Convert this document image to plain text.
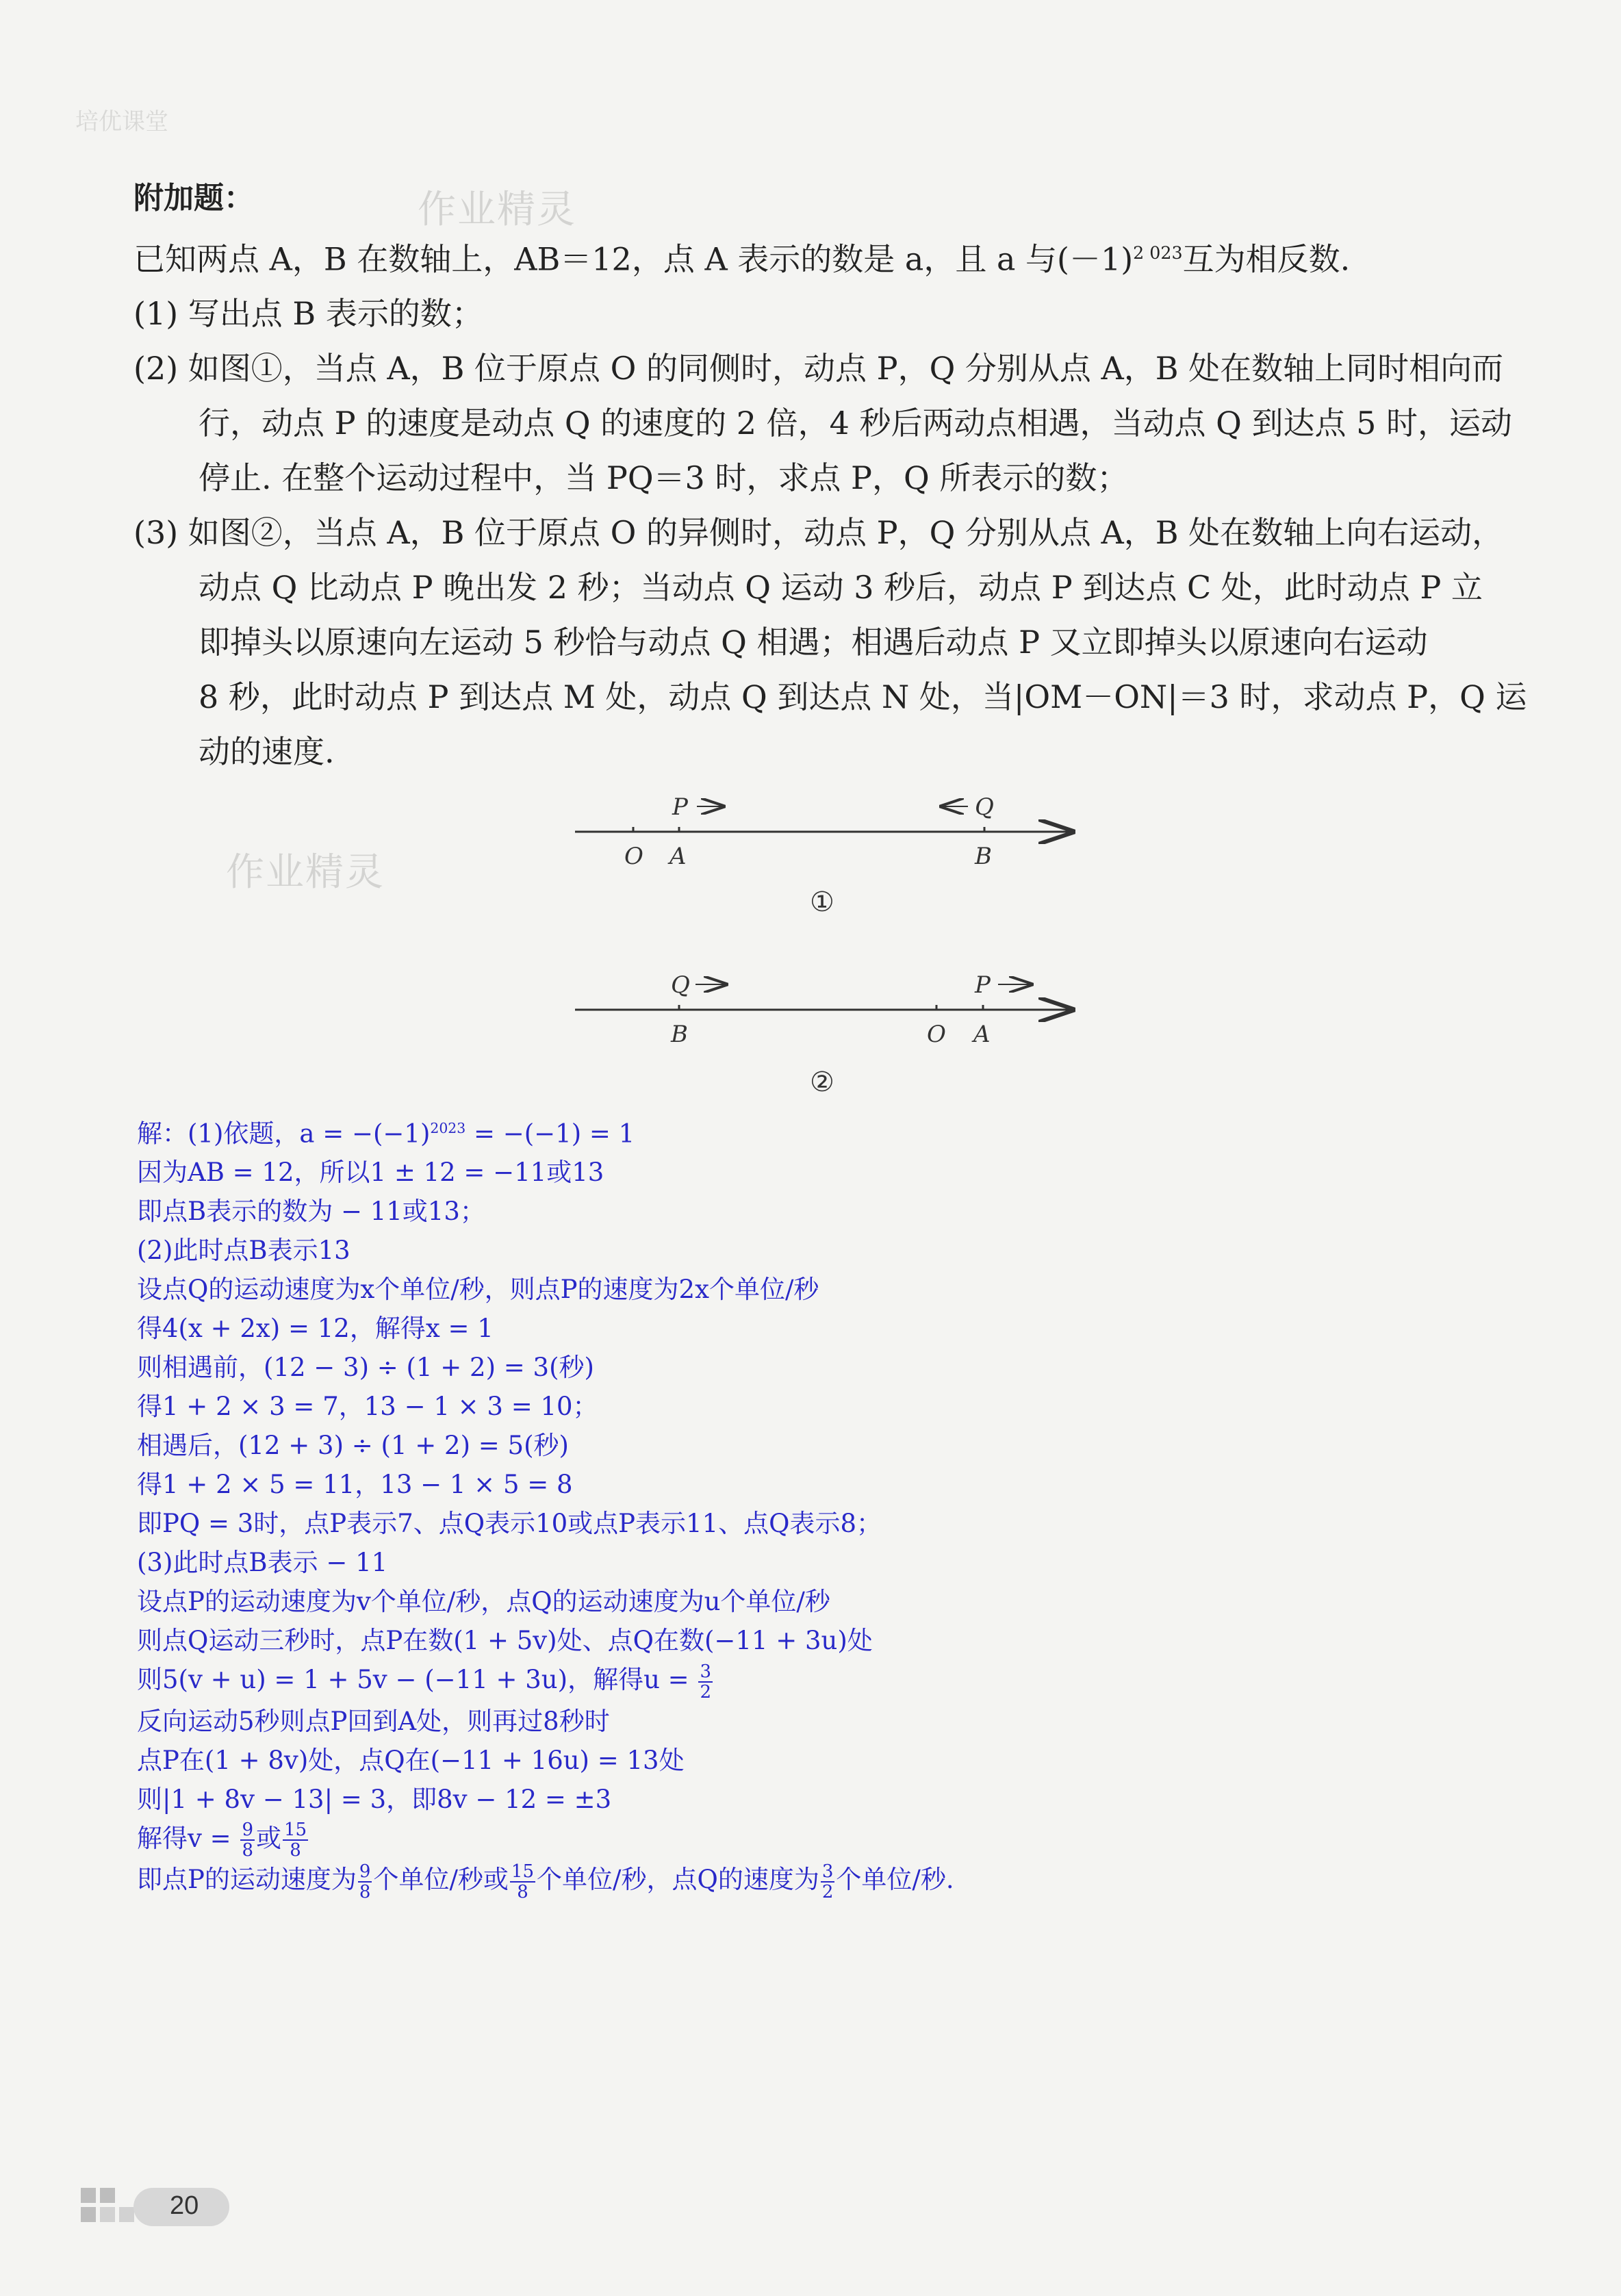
培优课堂
作业精灵
作业精灵
附加题：
已知两点 A，B 在数轴上，AB＝12，点 A 表示的数是 a，且 a 与$(-1)^{2 023}$互为相反数.
(1) 写出点 B 表示的数；
(2) 如图①，当点 A，B 位于原点 O 的同侧时，动点 P，Q 分别从点 A，B 处在数轴上同时相向而
行，动点 P 的速度是动点 Q 的速度的 2 倍，4 秒后两动点相遇，当动点 Q 到达点 5 时，运动
停止. 在整个运动过程中，当 PQ＝3 时，求点 P，Q 所表示的数；
(3) 如图②，当点 A，B 位于原点 O 的异侧时，动点 P，Q 分别从点 A，B 处在数轴上向右运动，
动点 Q 比动点 P 晚出发 2 秒；当动点 Q 运动 3 秒后，动点 P 到达点 C 处，此时动点 P 立
即掉头以原速向左运动 5 秒恰与动点 Q 相遇；相遇后动点 P 又立即掉头以原速向右运动
8 秒，此时动点 P 到达点 M 处，动点 Q 到达点 N 处，当|OM－ON|＝3 时，求动点 P，Q 运
动的速度.
O A	B
P	Q
①
B	O A
Q	P
②
解：(1)依题，$a = -(-1)^{2023} = -(-1) = 1$
因为AB = 12，所以1 ± 12 = −11或13
即点B表示的数为 − 11或13；
(2)此时点B表示13
设点Q的运动速度为x个单位/秒，则点P的速度为2x个单位/秒
得4(x + 2x) = 12，解得x = 1
则相遇前，(12 − 3) ÷ (1 + 2) = 3(秒)
得1 + 2 × 3 = 7，13 − 1 × 3 = 10；
相遇后，(12 + 3) ÷ (1 + 2) = 5(秒)
得1 + 2 × 5 = 11，13 − 1 × 5 = 8
即PQ = 3时，点P表示7、点Q表示10或点P表示11、点Q表示8；
(3)此时点B表示 − 11
设点P的运动速度为v个单位/秒，点Q的运动速度为u个单位/秒
则点Q运动三秒时，点P在数(1 + 5v)处、点Q在数(−11 + 3u)处
则5(v + u) = 1 + 5v − (−11 + 3u)，解得$u = \frac{3}{2}$
反向运动5秒则点P回到A处，则再过8秒时
点P在(1 + 8v)处，点Q在(−11 + 16u) = 13处
则|1 + 8v − 13| = 3，即8v − 12 = ±3
解得$v = \frac{9}{8}$ 或 $\frac{15}{8}$
即点P的运动速度为 $\frac{9}{8}$ 个单位/秒或 $\frac{15}{8}$ 个单位/秒，点Q的速度为 $\frac{3}{2}$ 个单位/秒.
20
